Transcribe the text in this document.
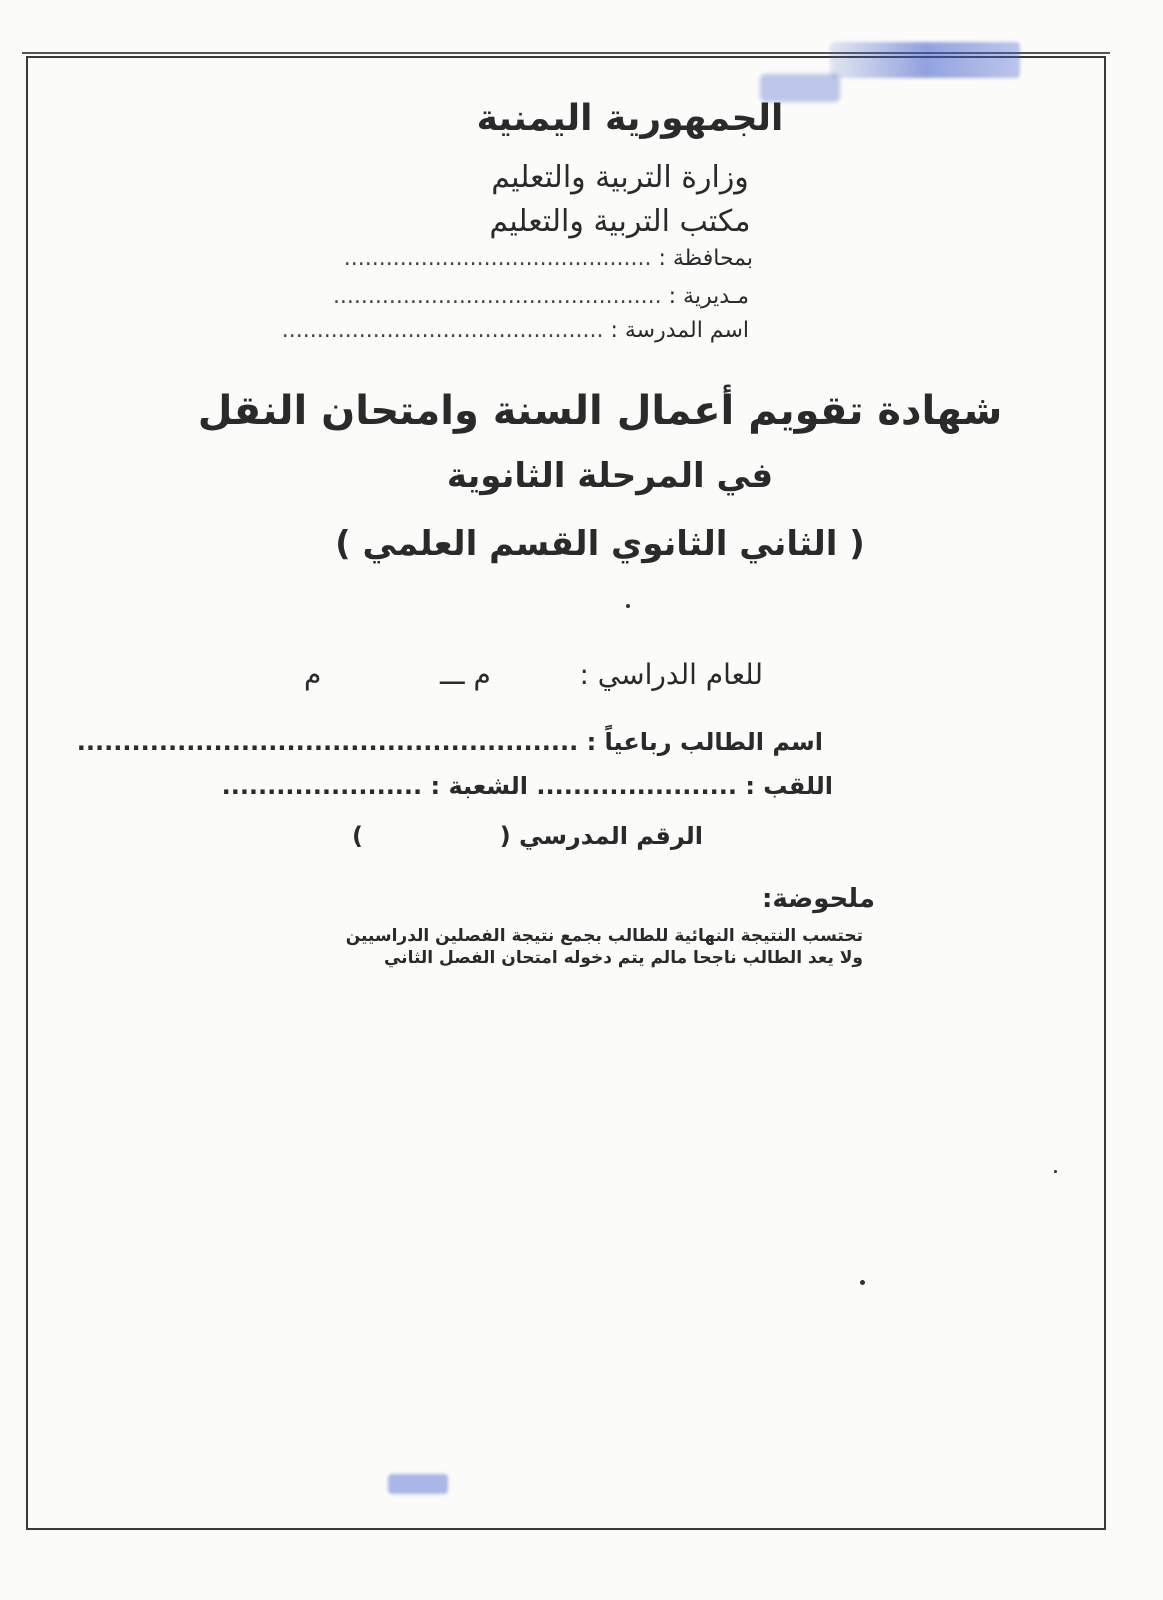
الجمهورية اليمنية
وزارة التربية والتعليم
مكتب التربية والتعليم
بمحافظة : ............................................
مـديرية : ...............................................
اسم المدرسة : ..............................................
شهادة تقويم أعمال السنة وامتحان النقل
في المرحلة الثانوية
( الثاني الثانوي القسم العلمي )
للعام الدراسي :
م ـــ
م
اسم الطالب رباعياً : .......................................................
اللقب : ...................... الشعبة : ......................
الرقم المدرسي (  )
ملحوضة:
تحتسب النتيجة النهائية للطالب بجمع نتيجة الفصلين الدراسيين
ولا يعد الطالب ناجحا مالم يتم دخوله امتحان الفصل الثاني
